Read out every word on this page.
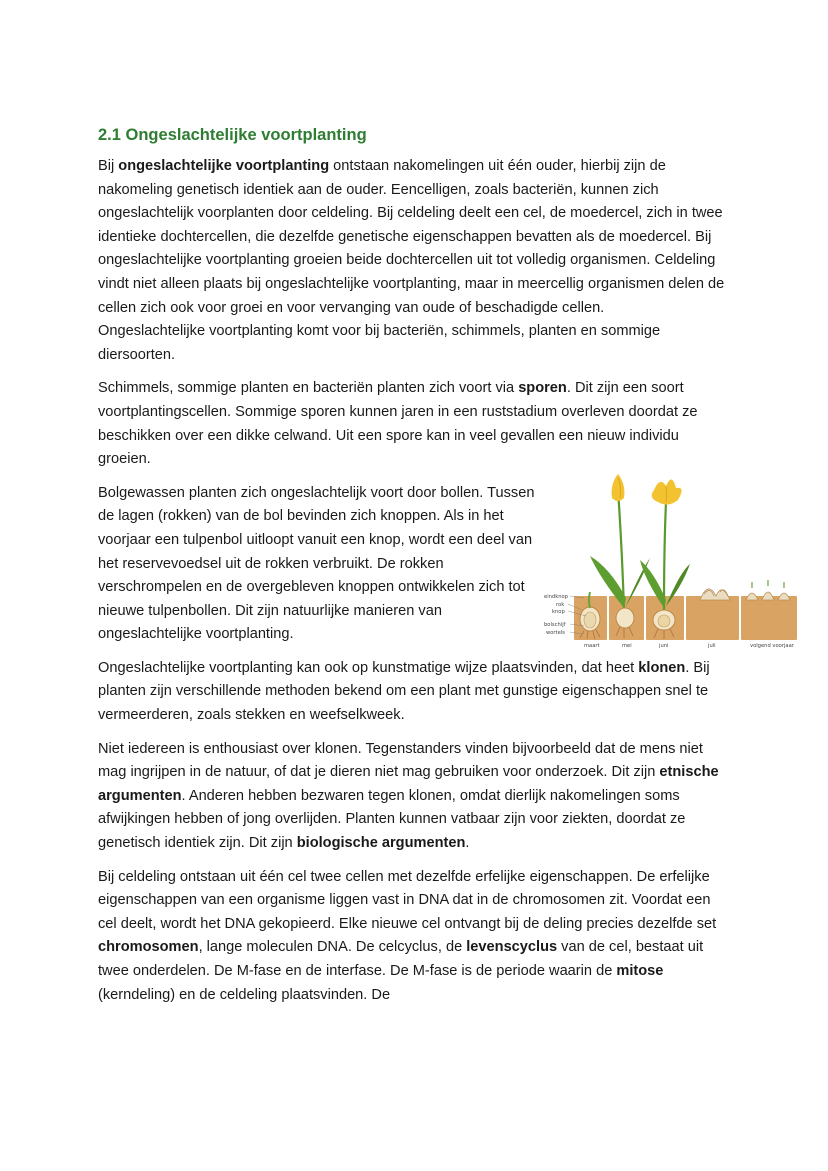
2.1 Ongeslachtelijke voortplanting

Bij ongeslachtelijke voortplanting ontstaan nakomelingen uit één ouder, hierbij zijn de nakomeling genetisch identiek aan de ouder. Eencelligen, zoals bacteriën, kunnen zich ongeslachtelijk voorplanten door celdeling. Bij celdeling deelt een cel, de moedercel, zich in twee identieke dochtercellen, die dezelfde genetische eigenschappen bevatten als de moedercel. Bij ongeslachtelijke voortplanting groeien beide dochtercellen uit tot volledig organismen. Celdeling vindt niet alleen plaats bij ongeslachtelijke voortplanting, maar in meercellig organismen delen de cellen zich ook voor groei en voor vervanging van oude of beschadigde cellen.

Ongeslachtelijke voortplanting komt voor bij bacteriën, schimmels, planten en sommige diersoorten.

Schimmels, sommige planten en bacteriën planten zich voort via sporen. Dit zijn een soort voortplantingscellen. Sommige sporen kunnen jaren in een ruststadium overleven doordat ze beschikken over een dikke celwand. Uit een spore kan in veel gevallen een nieuw individu groeien.

Bolgewassen planten zich ongeslachtelijk voort door bollen. Tussen de lagen (rokken) van de bol bevinden zich knoppen. Als in het voorjaar een tulpenbol uitloopt vanuit een knop, wordt een deel van het reservevoedsel uit de rokken verbruikt. De rokken verschrompelen en de overgebleven knoppen ontwikkelen zich tot nieuwe tulpenbollen. Dit zijn natuurlijke manieren van ongeslachtelijke voortplanting.

eindknop
rok
knop
bolschijf
wortels
maart	mei	juni	juli	volgend voorjaar

Ongeslachtelijke voortplanting kan ook op kunstmatige wijze plaatsvinden, dat heet klonen. Bij planten zijn verschillende methoden bekend om een plant met gunstige eigenschappen snel te vermeerderen, zoals stekken en weefselkweek.

Niet iedereen is enthousiast over klonen. Tegenstanders vinden bijvoorbeeld dat de mens niet mag ingrijpen in de natuur, of dat je dieren niet mag gebruiken voor onderzoek. Dit zijn etnische argumenten. Anderen hebben bezwaren tegen klonen, omdat dierlijk nakomelingen soms afwijkingen hebben of jong overlijden. Planten kunnen vatbaar zijn voor ziekten, doordat ze genetisch identiek zijn. Dit zijn biologische argumenten.

Bij celdeling ontstaan uit één cel twee cellen met dezelfde erfelijke eigenschappen. De erfelijke eigenschappen van een organisme liggen vast in DNA dat in de chromosomen zit. Voordat een cel deelt, wordt het DNA gekopieerd. Elke nieuwe cel ontvangt bij de deling precies dezelfde set chromosomen, lange moleculen DNA. De celcyclus, de levenscyclus van de cel, bestaat uit twee onderdelen. De M-fase en de interfase. De M-fase is de periode waarin de mitose (kerndeling) en de celdeling plaatsvinden. De
